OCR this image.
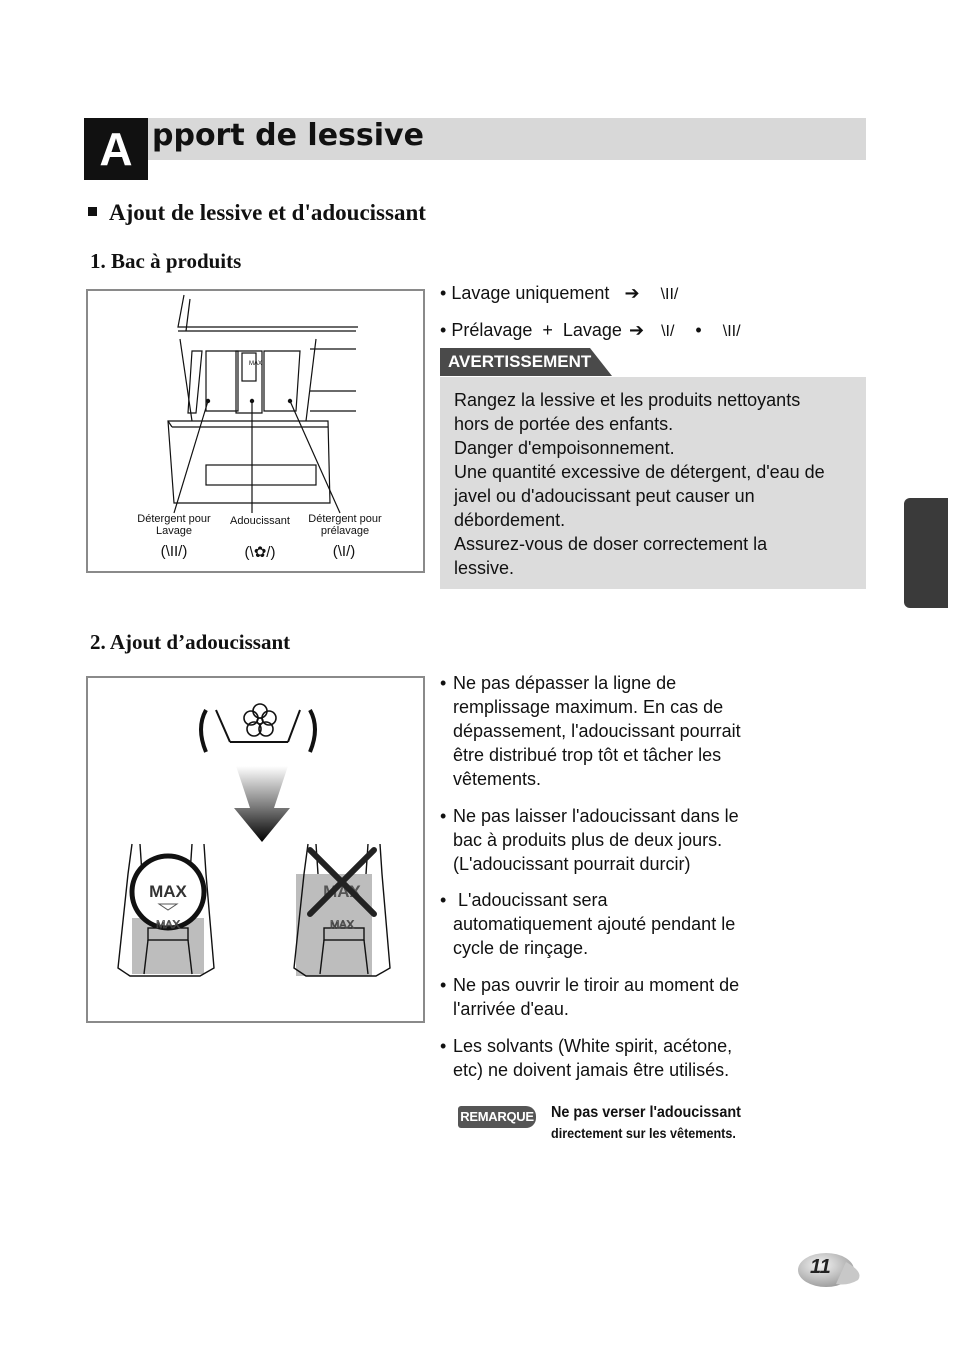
A pport de lessive
Ajout de lessive et d'adoucissant
1. Bac à produits
MAX
Détergent pour
Lavage
Adoucissant	Détergent pour
prélavage
(\II/)	(\✿/)	(\I/)
• Lavage uniquement ➔ \II/
• Prélavage  +  Lavage ➔ \I/ • \II/
AVERTISSEMENT
Rangez la lessive et les produits nettoyants
hors de portée des enfants.
Danger d'empoisonnement.
Une quantité excessive de détergent, d'eau de
javel ou d'adoucissant peut causer un
débordement.
Assurez-vous de doser correctement la
lessive.
2. Ajout d’adoucissant
MAX
MAX
MAX
MAX
• Ne pas dépasser la ligne de
remplissage maximum. En cas de
dépassement, l'adoucissant pourrait
être distribué trop tôt et tâcher les
vêtements.
• Ne pas laisser l'adoucissant dans le
bac à produits plus de deux jours.
(L'adoucissant pourrait durcir)
• L'adoucissant sera
automatiquement ajouté pendant le
cycle de rinçage.
• Ne pas ouvrir le tiroir au moment de
l'arrivée d'eau.
• Les solvants (White spirit, acétone,
etc) ne doivent jamais être utilisés.
REMARQUE Ne pas verser l'adoucissant
directement sur les vêtements.
11
